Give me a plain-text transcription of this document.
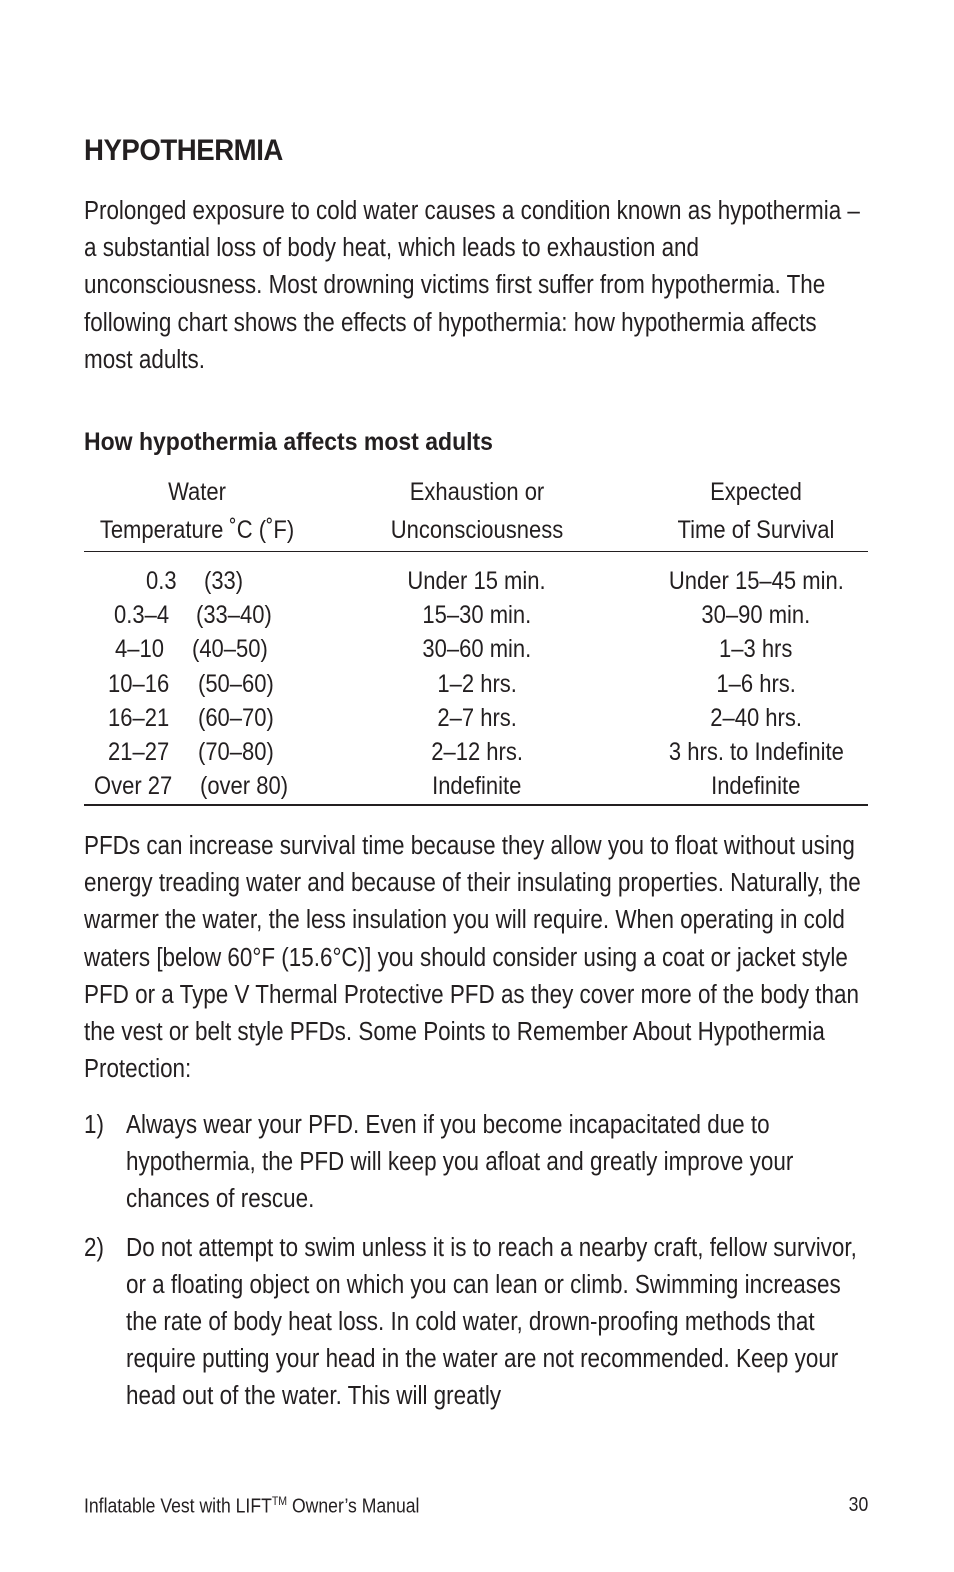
HYPOTHERMIA
Prolonged exposure to cold water causes a condition known as hypothermia – a substantial loss of body heat, which leads to exhaustion and unconsciousness. Most drowning victims first suffer from hypothermia. The following chart shows the effects of hypothermia: how hypothermia affects most adults.
How hypothermia affects most adults
Water
Temperature ˚C (˚F)
Exhaustion or
Unconsciousness
Expected
Time of Survival
0.3 (33)	Under 15 min.	Under 15–45 min.
0.3–4	(33–40)	15–30 min.	30–90 min.
4–10 (40–50)	30–60 min.	1–3 hrs
10–16	(50–60)	1–2 hrs.	1–6 hrs.
16–21	(60–70)	2–7 hrs.	2–40 hrs.
21–27	(70–80)	2–12 hrs.	3 hrs. to Indefinite
Over 27	(over 80)	Indefinite	Indefinite
PFDs can increase survival time because they allow you to float without using energy treading water and because of their insulating properties. Naturally, the warmer the water, the less insulation you will require. When operating in cold waters [below 60°F (15.6°C)] you should consider using a coat or jacket style PFD or a Type V Thermal Protective PFD as they cover more of the body than the vest or belt style PFDs. Some Points to Remember About Hypothermia Protection:
1) Always wear your PFD. Even if you become incapacitated due to hypothermia, the PFD will keep you afloat and greatly improve your chances of rescue.
2) Do not attempt to swim unless it is to reach a nearby craft, fellow survivor, or a floating object on which you can lean or climb. Swimming increases the rate of body heat loss. In cold water, drown-proofing methods that require putting your head in the water are not recommended. Keep your head out of the water. This will greatly
Inflatable Vest with LIFT™ Owner’s Manual	30
